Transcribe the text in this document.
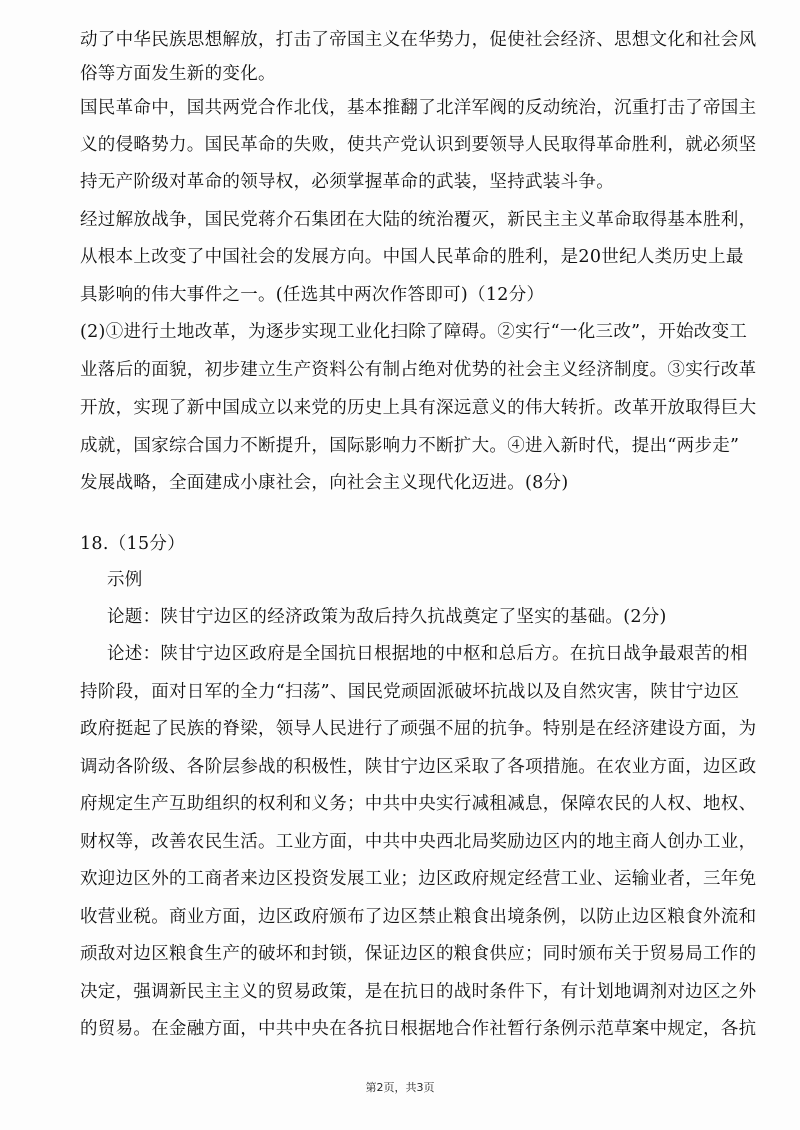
动了中华民族思想解放，打击了帝国主义在华势力，促使社会经济、思想文化和社会风
俗等方面发生新的变化。
国民革命中，国共两党合作北伐，基本推翻了北洋军阀的反动统治，沉重打击了帝国主
义的侵略势力。国民革命的失败，使共产党认识到要领导人民取得革命胜利，就必须坚
持无产阶级对革命的领导权，必须掌握革命的武装，坚持武装斗争。
经过解放战争，国民党蒋介石集团在大陆的统治覆灭，新民主主义革命取得基本胜利，
从根本上改变了中国社会的发展方向。中国人民革命的胜利，是20世纪人类历史上最
具影响的伟大事件之一。(任选其中两次作答即可)（12分）
(2)①进行土地改革，为逐步实现工业化扫除了障碍。②实行“一化三改”，开始改变工
业落后的面貌，初步建立生产资料公有制占绝对优势的社会主义经济制度。③实行改革
开放，实现了新中国成立以来党的历史上具有深远意义的伟大转折。改革开放取得巨大
成就，国家综合国力不断提升，国际影响力不断扩大。④进入新时代，提出“两步走”
发展战略，全面建成小康社会，向社会主义现代化迈进。(8分)
18.（15分）
示例
论题：陕甘宁边区的经济政策为敌后持久抗战奠定了坚实的基础。(2分)
论述：陕甘宁边区政府是全国抗日根据地的中枢和总后方。在抗日战争最艰苦的相
持阶段，面对日军的全力“扫荡”、国民党顽固派破坏抗战以及自然灾害，陕甘宁边区
政府挺起了民族的脊梁，领导人民进行了顽强不屈的抗争。特别是在经济建设方面，为
调动各阶级、各阶层参战的积极性，陕甘宁边区采取了各项措施。在农业方面，边区政
府规定生产互助组织的权利和义务；中共中央实行减租减息，保障农民的人权、地权、
财权等，改善农民生活。工业方面，中共中央西北局奖励边区内的地主商人创办工业，
欢迎边区外的工商者来边区投资发展工业；边区政府规定经营工业、运输业者，三年免
收营业税。商业方面，边区政府颁布了边区禁止粮食出境条例，以防止边区粮食外流和
顽敌对边区粮食生产的破坏和封锁，保证边区的粮食供应；同时颁布关于贸易局工作的
决定，强调新民主主义的贸易政策，是在抗日的战时条件下，有计划地调剂对边区之外
的贸易。在金融方面，中共中央在各抗日根据地合作社暂行条例示范草案中规定，各抗
第2页，共3页
